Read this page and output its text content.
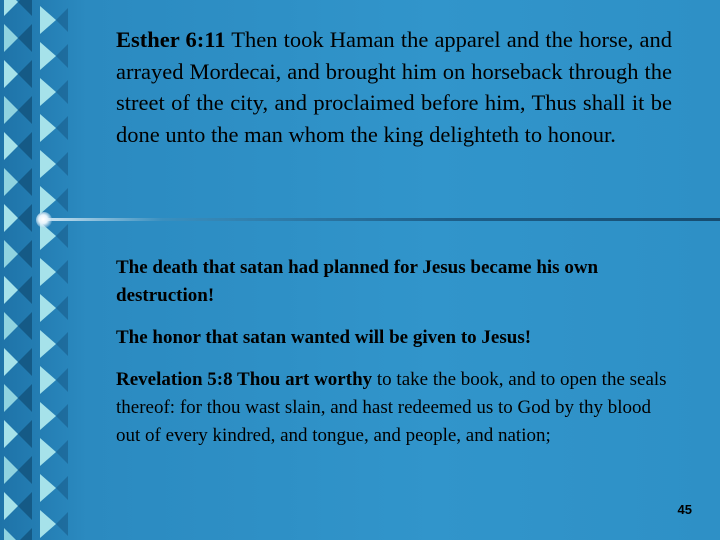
Esther 6:11 Then took Haman the apparel and the horse, and arrayed Mordecai, and brought him on horseback through the street of the city, and proclaimed before him, Thus shall it be done unto the man whom the king delighteth to honour.
The death that satan had planned for Jesus became his own destruction!
The honor that satan wanted will be given to Jesus!
Revelation 5:8 Thou art worthy to take the book, and to open the seals thereof: for thou wast slain, and hast redeemed us to God by thy blood out of every kindred, and tongue, and people, and nation;
45
